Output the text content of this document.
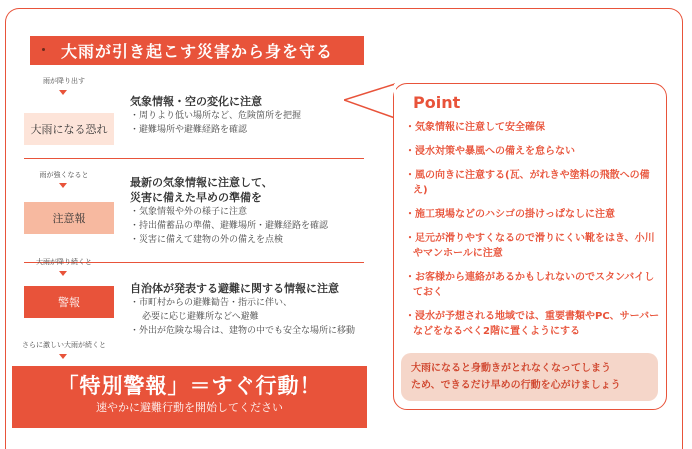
大雨が引き起こす災害から身を守る
雨が降り出す
大雨になる恐れ
気象情報・空の変化に注意
・周りより低い場所など、危険箇所を把握
・避難場所や避難経路を確認
雨が強くなると
注意報
最新の気象情報に注意して、
災害に備えた早めの準備を
・気象情報や外の様子に注意
・持出備蓄品の準備、避難場所・避難経路を確認
・災害に備えて建物の外の備えを点検
大雨が降り続くと
警報
自治体が発表する避難に関する情報に注意
・市町村からの避難勧告・指示に伴い、
必要に応じ避難所などへ避難
・外出が危険な場合は、建物の中でも安全な場所に移動
さらに激しい大雨が続くと
「特別警報」＝すぐ行動！
速やかに避難行動を開始してください
Point
・気象情報に注意して安全確保
・浸水対策や暴風への備えを怠らない
・風の向きに注意する(瓦、がれきや塗料の飛散への備え)
・施工現場などのハシゴの掛けっぱなしに注意
・足元が滑りやすくなるので滑りにくい靴をはき、小川やマンホールに注意
・お客様から連絡があるかもしれないのでスタンバイしておく
・浸水が予想される地域では、重要書類やPC、サーバーなどをなるべく2階に置くようにする
大雨になると身動きがとれなくなってしまう
ため、できるだけ早めの行動を心がけましょう
